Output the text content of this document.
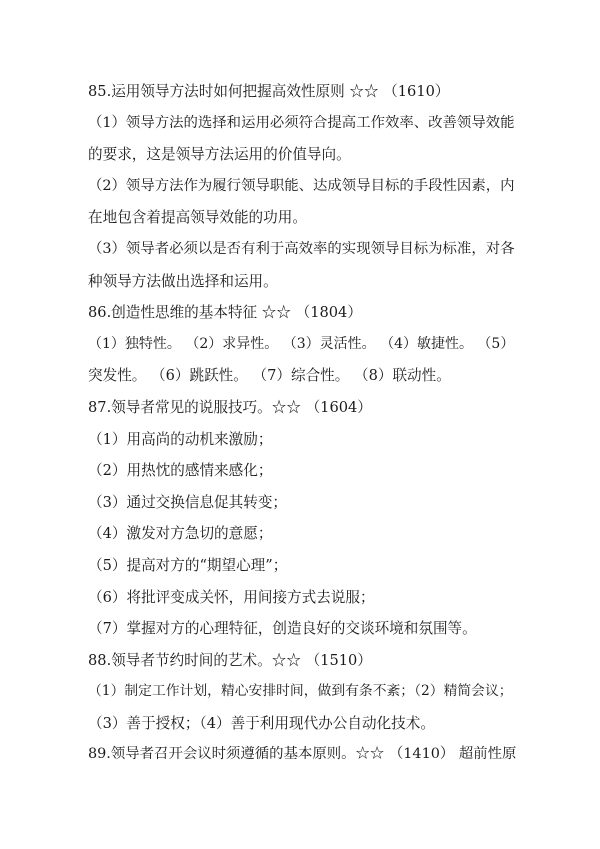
85.运用领导方法时如何把握高效性原则 ☆☆ （1610）
（1）领导方法的选择和运用必须符合提高工作效率、改善领导效能
的要求，这是领导方法运用的价值导向。
（2）领导方法作为履行领导职能、达成领导目标的手段性因素，内
在地包含着提高领导效能的功用。
（3）领导者必须以是否有利于高效率的实现领导目标为标准，对各
种领导方法做出选择和运用。
86.创造性思维的基本特征 ☆☆ （1804）
（1）独特性。 （2）求异性。 （3）灵活性。 （4）敏捷性。 （5）
突发性。 （6）跳跃性。 （7）综合性。 （8）联动性。
87.领导者常见的说服技巧。☆☆ （1604）
（1）用高尚的动机来激励；
（2）用热忱的感情来感化；
（3）通过交换信息促其转变；
（4）激发对方急切的意愿；
（5）提高对方的“期望心理”；
（6）将批评变成关怀，用间接方式去说服；
（7）掌握对方的心理特征，创造良好的交谈环境和氛围等。
88.领导者节约时间的艺术。☆☆ （1510）
（1）制定工作计划，精心安排时间，做到有条不紊；（2）精简会议；
（3）善于授权；（4）善于利用现代办公自动化技术。
89.领导者召开会议时须遵循的基本原则。☆☆ （1410） 超前性原
